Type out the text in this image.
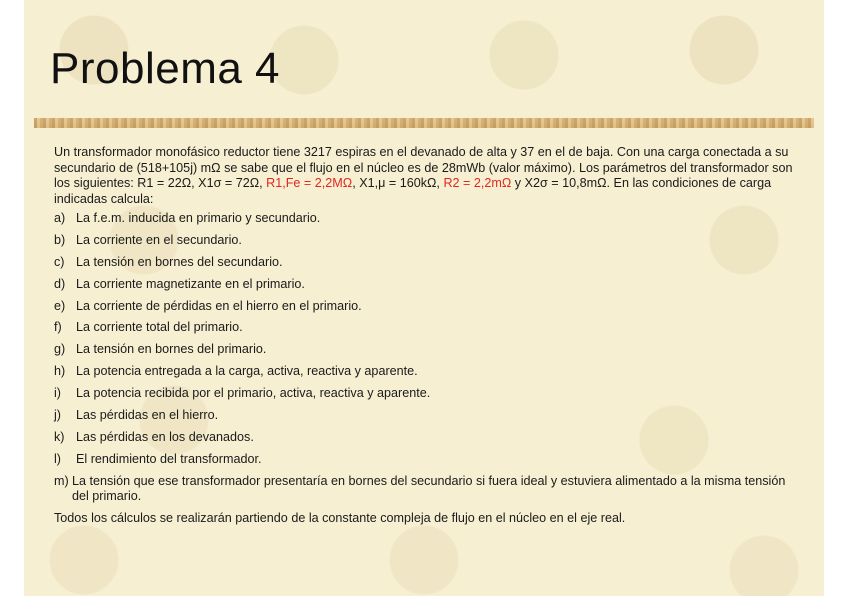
Problema 4

Un transformador monofásico reductor tiene 3217 espiras en el devanado de alta y 37 en el de baja. Con una carga conectada a su secundario de (518+105j) mΩ se sabe que el flujo en el núcleo es de 28mWb (valor máximo). Los parámetros del transformador son los siguientes: R1 = 22Ω, X1σ = 72Ω, R1,Fe = 2,2MΩ, X1,μ = 160kΩ, R2 = 2,2mΩ y X2σ = 10,8mΩ. En las condiciones de carga indicadas calcula:

a) La f.e.m. inducida en primario y secundario.
b) La corriente en el secundario.
c) La tensión en bornes del secundario.
d) La corriente magnetizante en el primario.
e) La corriente de pérdidas en el hierro en el primario.
f)	La corriente total del primario.
g) La tensión en bornes del primario.
h) La potencia entregada a la carga, activa, reactiva y aparente.
i)	La potencia recibida por el primario, activa, reactiva y aparente.
j)	Las pérdidas en el hierro.
k) Las pérdidas en los devanados.
l)	El rendimiento del transformador.
m) La tensión que ese transformador presentaría en bornes del secundario si fuera ideal y estuviera alimentado a la misma tensión del primario.

Todos los cálculos se realizarán partiendo de la constante compleja de flujo en el núcleo en el eje real.
